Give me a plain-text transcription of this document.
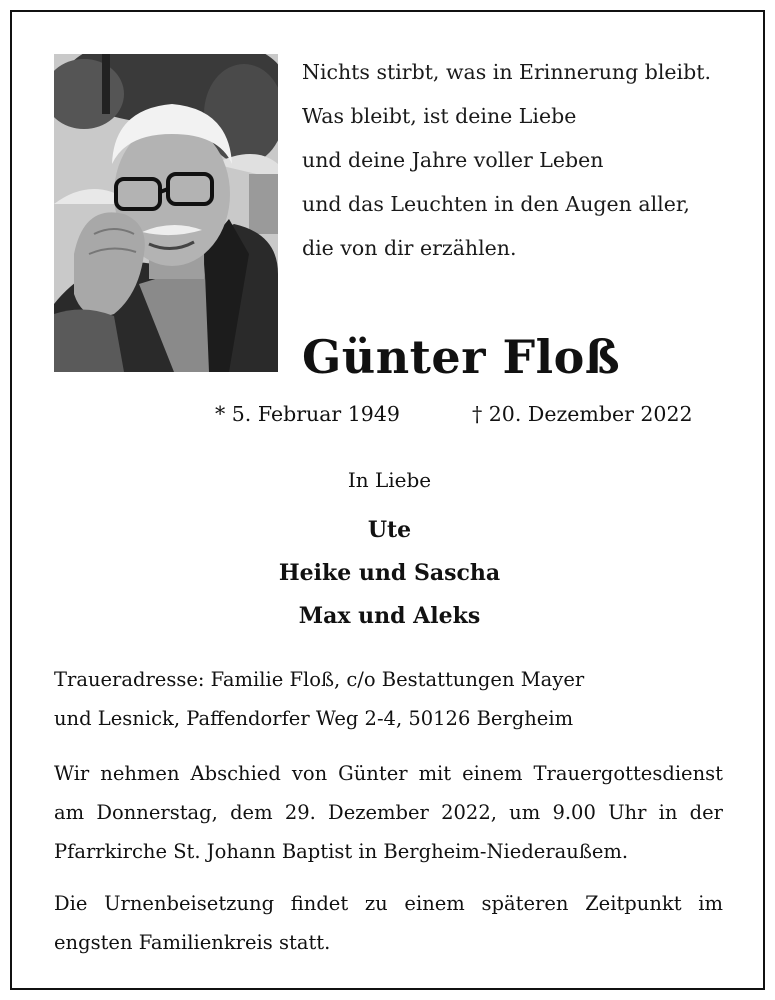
Nichts stirbt, was in Erinnerung bleibt.
Was bleibt, ist deine Liebe
und deine Jahre voller Leben
und das Leuchten in den Augen aller,
die von dir erzählen.
Günter Floß
* 5. Februar 1949	† 20. Dezember 2022
In Liebe
Ute
Heike und Sascha
Max und Aleks
Traueradresse: Familie Floß, c/o Bestattungen Mayer
und Lesnick, Paffendorfer Weg 2-4, 50126 Bergheim
Wir nehmen Abschied von Günter mit einem Trauergottesdienst am Donnerstag, dem 29. Dezember 2022, um 9.00 Uhr in der Pfarrkirche St. Johann Baptist in Bergheim-Niederaußem.
Die Urnenbeisetzung findet zu einem späteren Zeitpunkt im engsten Familienkreis statt.
